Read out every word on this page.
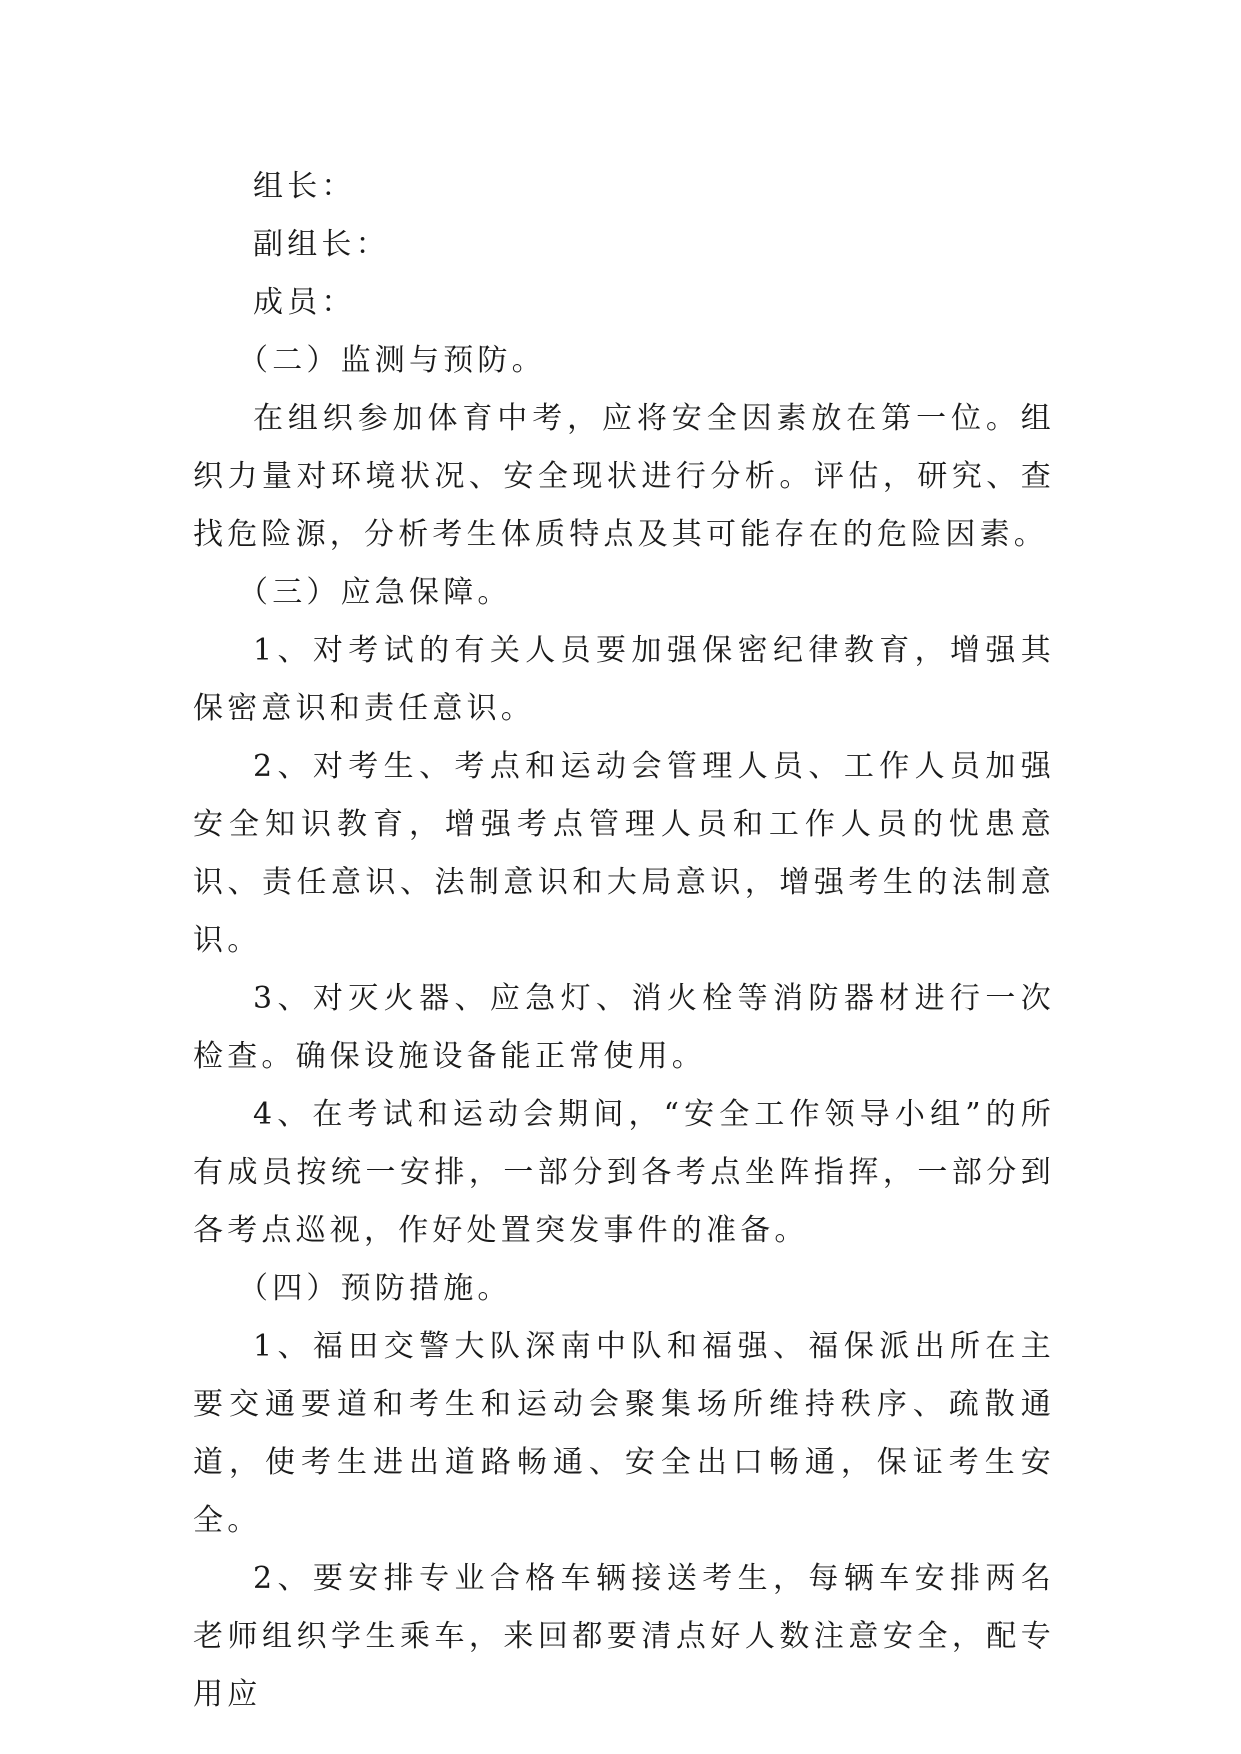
组长：

副组长：

成员：

（二）监测与预防。

在组织参加体育中考，应将安全因素放在第一位。组织力量对环境状况、安全现状进行分析。评估，研究、查找危险源，分析考生体质特点及其可能存在的危险因素。

（三）应急保障。

1、对考试的有关人员要加强保密纪律教育，增强其保密意识和责任意识。

2、对考生、考点和运动会管理人员、工作人员加强安全知识教育，增强考点管理人员和工作人员的忧患意识、责任意识、法制意识和大局意识，增强考生的法制意识。

3、对灭火器、应急灯、消火栓等消防器材进行一次检查。确保设施设备能正常使用。

4、在考试和运动会期间，“安全工作领导小组”的所有成员按统一安排，一部分到各考点坐阵指挥，一部分到各考点巡视，作好处置突发事件的准备。

（四）预防措施。

1、福田交警大队深南中队和福强、福保派出所在主要交通要道和考生和运动会聚集场所维持秩序、疏散通道，使考生进出道路畅通、安全出口畅通，保证考生安全。

2、要安排专业合格车辆接送考生，每辆车安排两名老师组织学生乘车，来回都要清点好人数注意安全，配专用应
